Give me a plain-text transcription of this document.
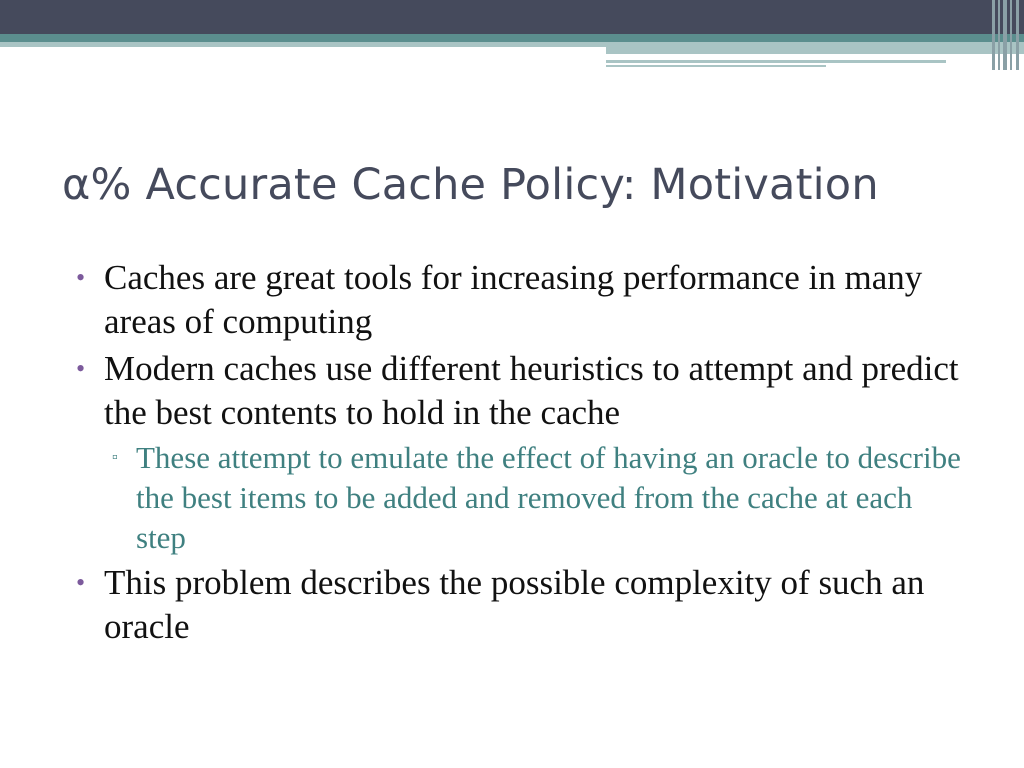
α% Accurate Cache Policy: Motivation
• Caches are great tools for increasing performance in many areas of computing
• Modern caches use different heuristics to attempt and predict the best contents to hold in the cache
▫ These attempt to emulate the effect of having an oracle to describe the best items to be added and removed from the cache at each step
• This problem describes the possible complexity of such an oracle
